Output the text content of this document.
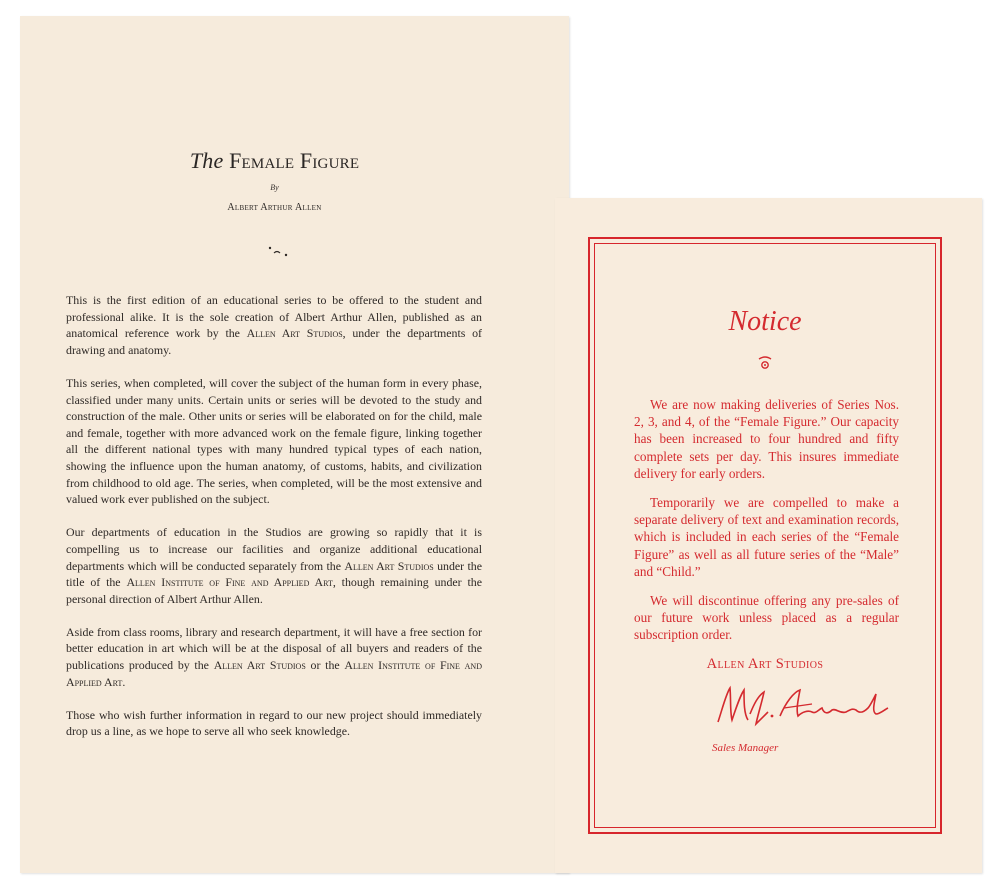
The Female Figure
By
Albert Arthur Allen

This is the first edition of an educational series to be offered to the student and professional alike. It is the sole creation of Albert Arthur Allen, published as an anatomical reference work by the Allen Art Studios, under the departments of drawing and anatomy.

This series, when completed, will cover the subject of the human form in every phase, classified under many units. Certain units or series will be devoted to the study and construction of the male. Other units or series will be elaborated on for the child, male and female, together with more advanced work on the female figure, linking together all the different national types with many hundred typical types of each nation, showing the influence upon the human anatomy, of customs, habits, and civilization from childhood to old age. The series, when completed, will be the most extensive and valued work ever published on the subject.

Our departments of education in the Studios are growing so rapidly that it is compelling us to increase our facilities and organize additional educational departments which will be conducted separately from the Allen Art Studios under the title of the Allen Institute of Fine and Applied Art, though remaining under the personal direction of Albert Arthur Allen.

Aside from class rooms, library and research department, it will have a free section for better education in art which will be at the disposal of all buyers and readers of the publications produced by the Allen Art Studios or the Allen Institute of Fine and Applied Art.

Those who wish further information in regard to our new project should immediately drop us a line, as we hope to serve all who seek knowledge.

Notice

We are now making deliveries of Series Nos. 2, 3, and 4, of the “Female Figure.” Our capacity has been increased to four hundred and fifty complete sets per day. This insures immediate delivery for early orders.

Temporarily we are compelled to make a separate delivery of text and examination records, which is included in each series of the “Female Figure” as well as all future series of the “Male” and “Child.”

We will discontinue offering any pre-sales of our future work unless placed as a regular subscription order.

Allen Art Studios
Sales Manager
